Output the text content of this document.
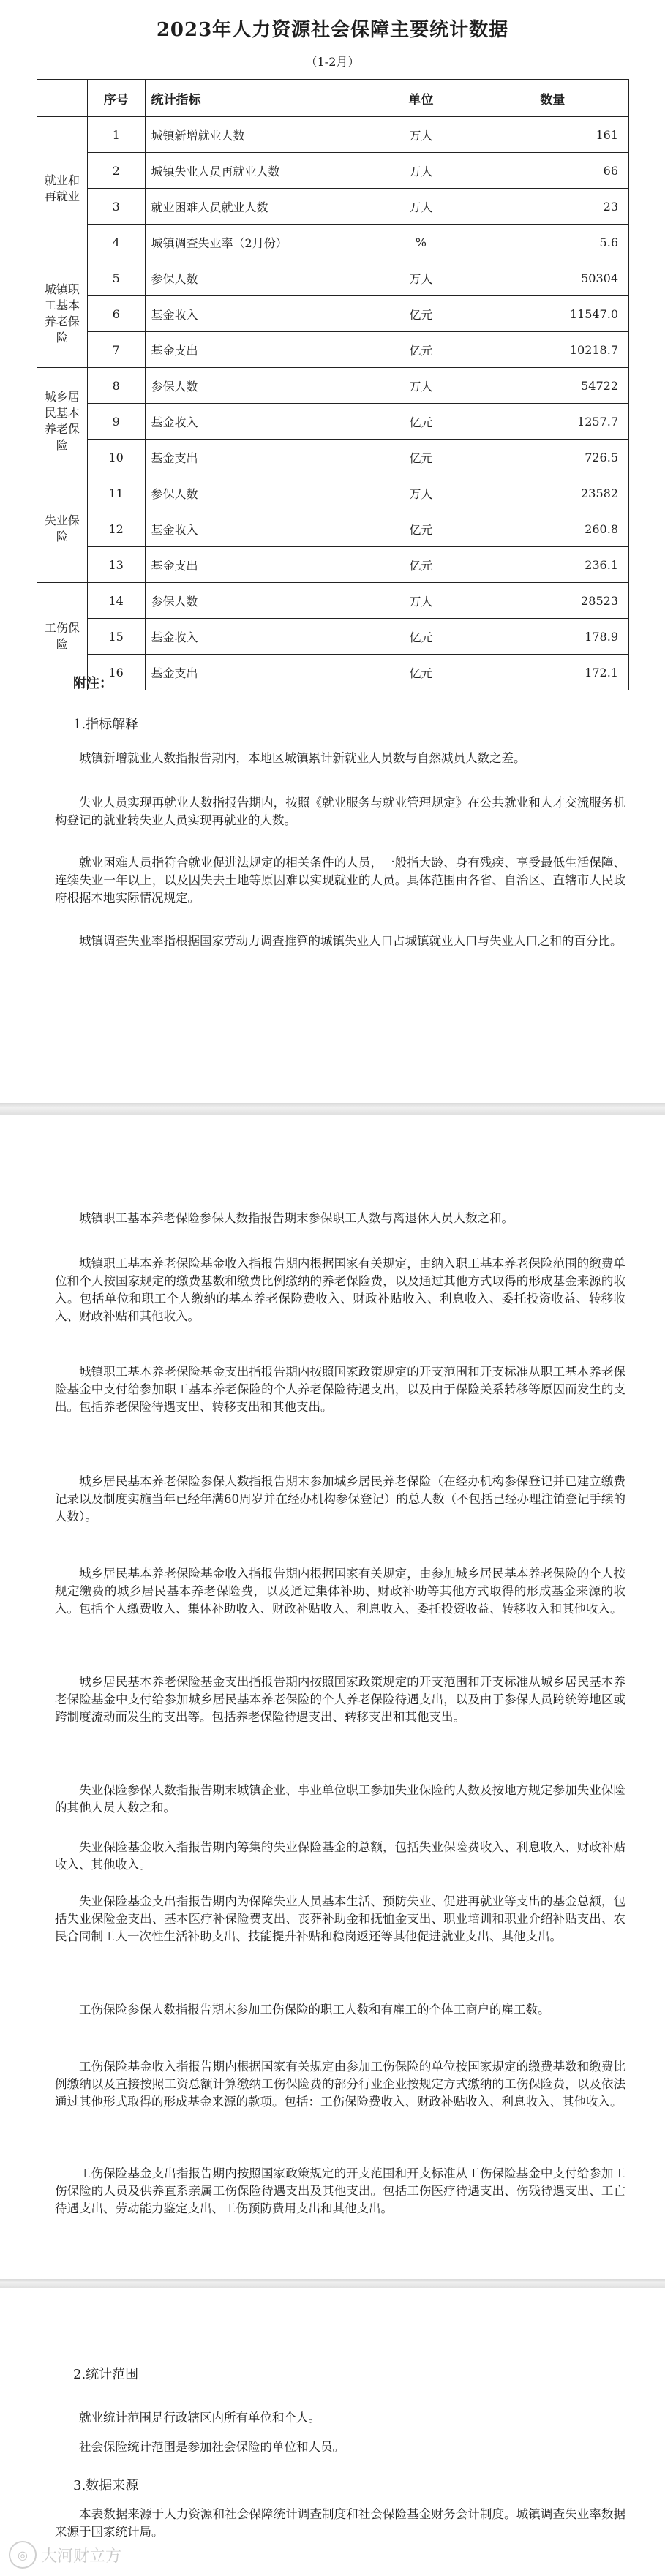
2023年人力资源社会保障主要统计数据
（1-2月）
	序号	统计指标	单位	数量
就业和再就业	1	城镇新增就业人数	万人	161
	2	城镇失业人员再就业人数	万人	66
	3	就业困难人员就业人数	万人	23
	4	城镇调查失业率（2月份）	%	5.6
城镇职工基本养老保险	5	参保人数	万人	50304
	6	基金收入	亿元	11547.0
	7	基金支出	亿元	10218.7
城乡居民基本养老保险	8	参保人数	万人	54722
	9	基金收入	亿元	1257.7
	10	基金支出	亿元	726.5
失业保险	11	参保人数	万人	23582
	12	基金收入	亿元	260.8
	13	基金支出	亿元	236.1
工伤保险	14	参保人数	万人	28523
	15	基金收入	亿元	178.9
	16	基金支出	亿元	172.1
附注：
1.指标解释

城镇新增就业人数指报告期内，本地区城镇累计新就业人员数与自然减员人数之差。

失业人员实现再就业人数指报告期内，按照《就业服务与就业管理规定》在公共就业和人才交流服务机构登记的就业转失业人员实现再就业的人数。

就业困难人员指符合就业促进法规定的相关条件的人员，一般指大龄、身有残疾、享受最低生活保障、连续失业一年以上，以及因失去土地等原因难以实现就业的人员。具体范围由各省、自治区、直辖市人民政府根据本地实际情况规定。

城镇调查失业率指根据国家劳动力调查推算的城镇失业人口占城镇就业人口与失业人口之和的百分比。

城镇职工基本养老保险参保人数指报告期末参保职工人数与离退休人员人数之和。

城镇职工基本养老保险基金收入指报告期内根据国家有关规定，由纳入职工基本养老保险范围的缴费单位和个人按国家规定的缴费基数和缴费比例缴纳的养老保险费，以及通过其他方式取得的形成基金来源的收入。包括单位和职工个人缴纳的基本养老保险费收入、财政补贴收入、利息收入、委托投资收益、转移收入、财政补贴和其他收入。

城镇职工基本养老保险基金支出指报告期内按照国家政策规定的开支范围和开支标准从职工基本养老保险基金中支付给参加职工基本养老保险的个人养老保险待遇支出，以及由于保险关系转移等原因而发生的支出。包括养老保险待遇支出、转移支出和其他支出。

城乡居民基本养老保险参保人数指报告期末参加城乡居民养老保险（在经办机构参保登记并已建立缴费记录以及制度实施当年已经年满60周岁并在经办机构参保登记）的总人数（不包括已经办理注销登记手续的人数）。

城乡居民基本养老保险基金收入指报告期内根据国家有关规定，由参加城乡居民基本养老保险的个人按规定缴费的城乡居民基本养老保险费，以及通过集体补助、财政补助等其他方式取得的形成基金来源的收入。包括个人缴费收入、集体补助收入、财政补贴收入、利息收入、委托投资收益、转移收入和其他收入。

城乡居民基本养老保险基金支出指报告期内按照国家政策规定的开支范围和开支标准从城乡居民基本养老保险基金中支付给参加城乡居民基本养老保险的个人养老保险待遇支出，以及由于参保人员跨统筹地区或跨制度流动而发生的支出等。包括养老保险待遇支出、转移支出和其他支出。

失业保险参保人数指报告期末城镇企业、事业单位职工参加失业保险的人数及按地方规定参加失业保险的其他人员人数之和。

失业保险基金收入指报告期内筹集的失业保险基金的总额，包括失业保险费收入、利息收入、财政补贴收入、其他收入。

失业保险基金支出指报告期内为保障失业人员基本生活、预防失业、促进再就业等支出的基金总额，包括失业保险金支出、基本医疗补保险费支出、丧葬补助金和抚恤金支出、职业培训和职业介绍补贴支出、农民合同制工人一次性生活补助支出、技能提升补贴和稳岗返还等其他促进就业支出、其他支出。

工伤保险参保人数指报告期末参加工伤保险的职工人数和有雇工的个体工商户的雇工数。

工伤保险基金收入指报告期内根据国家有关规定由参加工伤保险的单位按国家规定的缴费基数和缴费比例缴纳以及直接按照工资总额计算缴纳工伤保险费的部分行业企业按规定方式缴纳的工伤保险费，以及依法通过其他形式取得的形成基金来源的款项。包括：工伤保险费收入、财政补贴收入、利息收入、其他收入。

工伤保险基金支出指报告期内按照国家政策规定的开支范围和开支标准从工伤保险基金中支付给参加工伤保险的人员及供养直系亲属工伤保险待遇支出及其他支出。包括工伤医疗待遇支出、伤残待遇支出、工亡待遇支出、劳动能力鉴定支出、工伤预防费用支出和其他支出。

2.统计范围

就业统计范围是行政辖区内所有单位和个人。

社会保险统计范围是参加社会保险的单位和人员。

3.数据来源

本表数据来源于人力资源和社会保障统计调查制度和社会保险基金财务会计制度。城镇调查失业率数据来源于国家统计局。

◎ 大河财立方
